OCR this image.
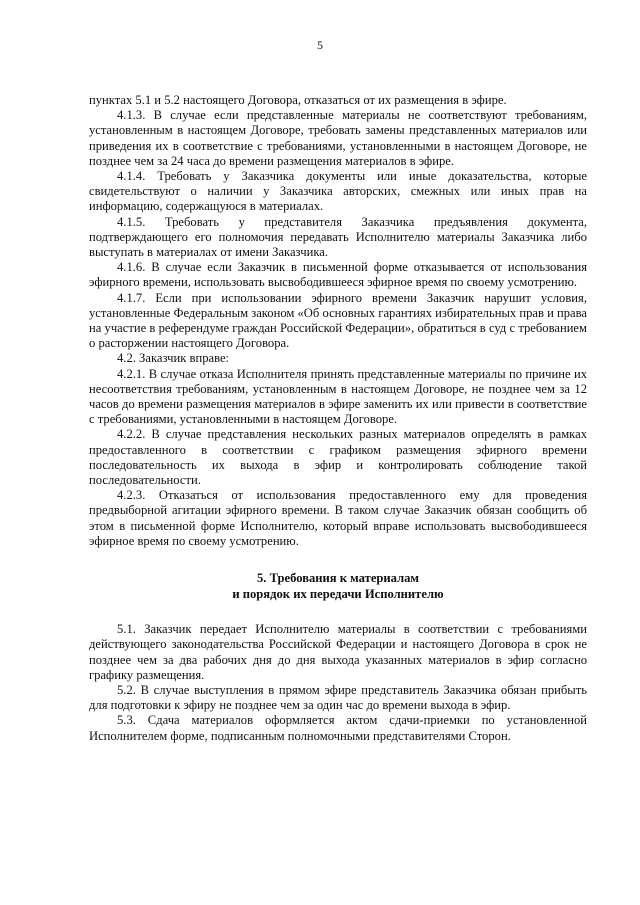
5

пунктах 5.1 и 5.2 настоящего Договора, отказаться от их размещения в эфире.

4.1.3. В случае если представленные материалы не соответствуют требованиям, установленным в настоящем Договоре, требовать замены представленных материалов или приведения их в соответствие с требованиями, установленными в настоящем Договоре, не позднее чем за 24 часа до времени размещения материалов в эфире.

4.1.4. Требовать у Заказчика документы или иные доказательства, которые свидетельствуют о наличии у Заказчика авторских, смежных или иных прав на информацию, содержащуюся в материалах.

4.1.5. Требовать у представителя Заказчика предъявления документа, подтверждающего его полномочия передавать Исполнителю материалы Заказчика либо выступать в материалах от имени Заказчика.

4.1.6. В случае если Заказчик в письменной форме отказывается от использования эфирного времени, использовать высвободившееся эфирное время по своему усмотрению.

4.1.7. Если при использовании эфирного времени Заказчик нарушит условия, установленные Федеральным законом «Об основных гарантиях избирательных прав и права на участие в референдуме граждан Российской Федерации», обратиться в суд с требованием о расторжении настоящего Договора.

4.2. Заказчик вправе:

4.2.1. В случае отказа Исполнителя принять представленные материалы по причине их несоответствия требованиям, установленным в настоящем Договоре, не позднее чем за 12 часов до времени размещения материалов в эфире заменить их или привести в соответствие с требованиями, установленными в настоящем Договоре.

4.2.2. В случае представления нескольких разных материалов определять в рамках предоставленного в соответствии с графиком размещения эфирного времени последовательность их выхода в эфир и контролировать соблюдение такой последовательности.

4.2.3. Отказаться от использования предоставленного ему для проведения предвыборной агитации эфирного времени. В таком случае Заказчик обязан сообщить об этом в письменной форме Исполнителю, который вправе использовать высвободившееся эфирное время по своему усмотрению.

5. Требования к материалам

и порядок их передачи Исполнителю

5.1. Заказчик передает Исполнителю материалы в соответствии с требованиями действующего законодательства Российской Федерации и настоящего Договора в срок не позднее чем за два рабочих дня до дня выхода указанных материалов в эфир согласно графику размещения.

5.2. В случае выступления в прямом эфире представитель Заказчика обязан прибыть для подготовки к эфиру не позднее чем за один час до времени выхода в эфир.

5.3. Сдача материалов оформляется актом сдачи-приемки по установленной Исполнителем форме, подписанным полномочными представителями Сторон.
